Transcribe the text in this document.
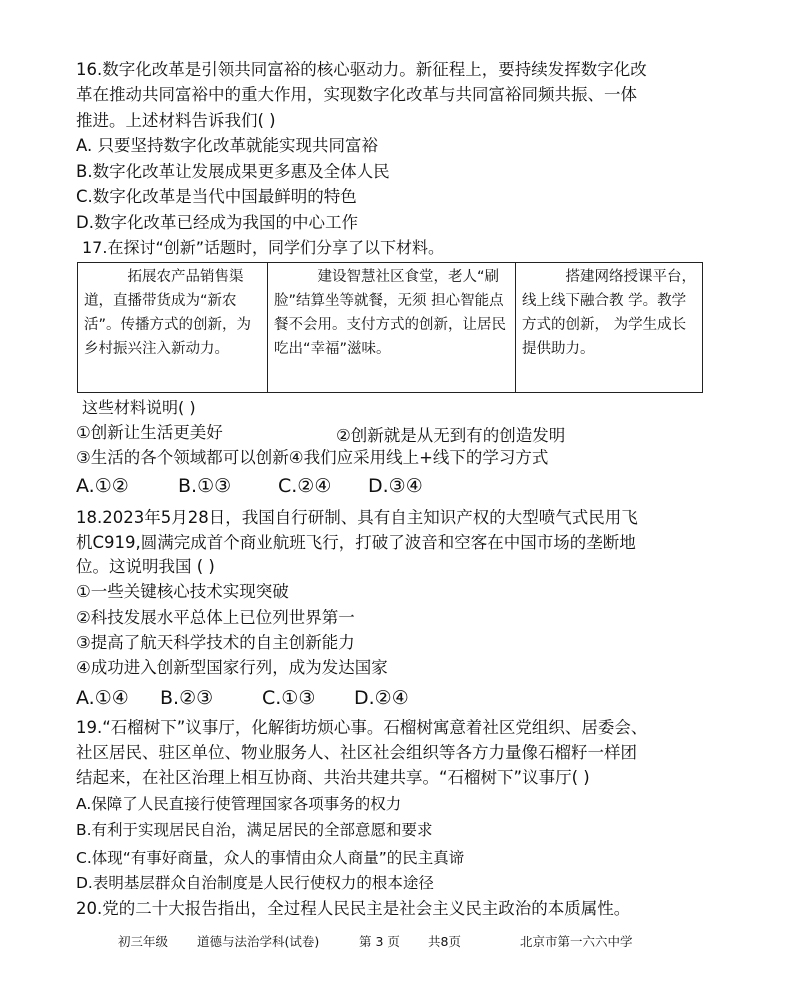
16.数字化改革是引领共同富裕的核心驱动力。新征程上，要持续发挥数字化改
革在推动共同富裕中的重大作用，实现数字化改革与共同富裕同频共振、一体
推进。上述材料告诉我们( )
A. 只要坚持数字化改革就能实现共同富裕
B.数字化改革让发展成果更多惠及全体人民
C.数字化改革是当代中国最鲜明的特色
D.数字化改革已经成为我国的中心工作
17.在探讨“创新”话题时，同学们分享了以下材料。
拓展农产品销售渠道，直播带货成为“新农活”。传播方式的创新，为乡村振兴注入新动力。	建设智慧社区食堂，老人“刷脸”结算坐等就餐，无须 担心智能点餐不会用。支付方式的创新，让居民吃出“幸福”滋味。	搭建网络授课平台，线上线下融合教 学。教学方式的创新， 为学生成长提供助力。
这些材料说明( )
①创新让生活更美好	②创新就是从无到有的创造发明
③生活的各个领域都可以创新④我们应采用线上+线下的学习方式
A.①②	B.①③ C.②④ D.③④
18.2023年5月28日，我国自行研制、具有自主知识产权的大型喷气式民用飞
机C919,圆满完成首个商业航班飞行，打破了波音和空客在中国市场的垄断地
位。这说明我国 ( )
①一些关键核心技术实现突破
②科技发展水平总体上已位列世界第一
③提高了航天科学技术的自主创新能力
④成功进入创新型国家行列，成为发达国家
A.①④ B.②③	C.①③ D.②④
19.“石榴树下”议事厅，化解街坊烦心事。石榴树寓意着社区党组织、居委会、
社区居民、驻区单位、物业服务人、社区社会组织等各方力量像石榴籽一样团
结起来，在社区治理上相互协商、共治共建共享。“石榴树下”议事厅( )
A.保障了人民直接行使管理国家各项事务的权力
B.有利于实现居民自治，满足居民的全部意愿和要求
C.体现“有事好商量，众人的事情由众人商量”的民主真谛
D.表明基层群众自治制度是人民行使权力的根本途径
20.党的二十大报告指出，全过程人民民主是社会主义民主政治的本质属性。
初三年级 道德与法治学科(试卷)	第 3 页 共8页	北京市第一六六中学
